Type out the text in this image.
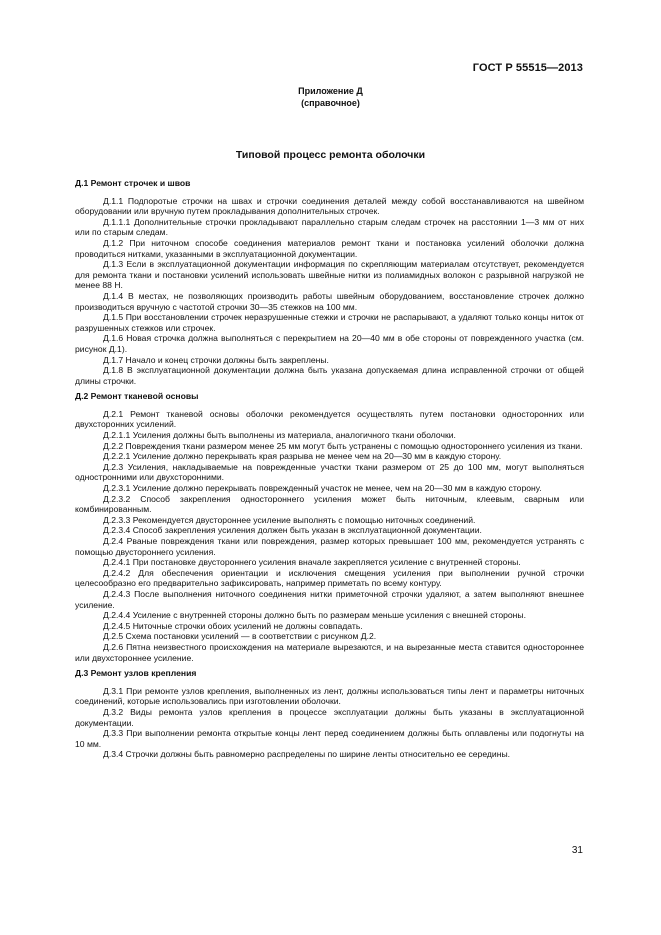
ГОСТ Р 55515—2013
Приложение Д
(справочное)
Типовой процесс ремонта оболочки
Д.1 Ремонт строчек и швов

Д.1.1 Подпоротые строчки на швах и строчки соединения деталей между собой восстанавливаются на швейном оборудовании или вручную путем прокладывания дополнительных строчек.

Д.1.1.1 Дополнительные строчки прокладывают параллельно старым следам строчек на расстоянии 1—3 мм от них или по старым следам.

Д.1.2 При ниточном способе соединения материалов ремонт ткани и постановка усилений оболочки должна проводиться нитками, указанными в эксплуатационной документации.

Д.1.3 Если в эксплуатационной документации информация по скрепляющим материалам отсутствует, рекомендуется для ремонта ткани и постановки усилений использовать швейные нитки из полиамидных волокон с разрывной нагрузкой не менее 88 Н.

Д.1.4 В местах, не позволяющих производить работы швейным оборудованием, восстановление строчек должно производиться вручную с частотой строчки 30—35 стежков на 100 мм.

Д.1.5 При восстановлении строчек неразрушенные стежки и строчки не распарывают, а удаляют только концы ниток от разрушенных стежков или строчек.

Д.1.6 Новая строчка должна выполняться с перекрытием на 20—40 мм в обе стороны от поврежденного участка (см. рисунок Д.1).

Д.1.7 Начало и конец строчки должны быть закреплены.

Д.1.8 В эксплуатационной документации должна быть указана допускаемая длина исправленной строчки от общей длины строчки.

Д.2 Ремонт тканевой основы

Д.2.1 Ремонт тканевой основы оболочки рекомендуется осуществлять путем постановки односторонних или двухсторонних усилений.

Д.2.1.1 Усиления должны быть выполнены из материала, аналогичного ткани оболочки.

Д.2.2 Повреждения ткани размером менее 25 мм могут быть устранены с помощью одностороннего усиления из ткани.

Д.2.2.1 Усиление должно перекрывать края разрыва не менее чем на 20—30 мм в каждую сторону.

Д.2.3 Усиления, накладываемые на поврежденные участки ткани размером от 25 до 100 мм, могут выполняться одностронними или двухсторонними.

Д.2.3.1 Усиление должно перекрывать поврежденный участок не менее, чем на 20—30 мм в каждую сторону.

Д.2.3.2 Способ закрепления одностороннего усиления может быть ниточным, клеевым, сварным или комбинированным.

Д.2.3.3 Рекомендуется двустороннее усиление выполнять с помощью ниточных соединений.

Д.2.3.4 Способ закрепления усиления должен быть указан в эксплуатационной документации.

Д.2.4 Рваные повреждения ткани или повреждения, размер которых превышает 100 мм, рекомендуется устранять с помощью двустороннего усиления.

Д.2.4.1 При постановке двустороннего усиления вначале закрепляется усиление с внутренней стороны.

Д.2.4.2 Для обеспечения ориентации и исключения смещения усиления при выполнении ручной строчки целесообразно его предварительно зафиксировать, например приметать по всему контуру.

Д.2.4.3 После выполнения ниточного соединения нитки приметочной строчки удаляют, а затем выполняют внешнее усиление.

Д.2.4.4 Усиление с внутренней стороны должно быть по размерам меньше усиления с внешней стороны.

Д.2.4.5 Ниточные строчки обоих усилений не должны совпадать.

Д.2.5 Схема постановки усилений — в соответствии с рисунком Д.2.

Д.2.6 Пятна неизвестного происхождения на материале вырезаются, и на вырезанные места ставится одностороннее или двухстороннее усиление.

Д.3 Ремонт узлов крепления

Д.3.1 При ремонте узлов крепления, выполненных из лент, должны использоваться типы лент и параметры ниточных соединений, которые использовались при изготовлении оболочки.

Д.3.2 Виды ремонта узлов крепления в процессе эксплуатации должны быть указаны в эксплуатационной документации.

Д.3.3 При выполнении ремонта открытые концы лент перед соединением должны быть оплавлены или подогнуты на 10 мм.

Д.3.4 Строчки должны быть равномерно распределены по ширине ленты относительно ее середины.

31
